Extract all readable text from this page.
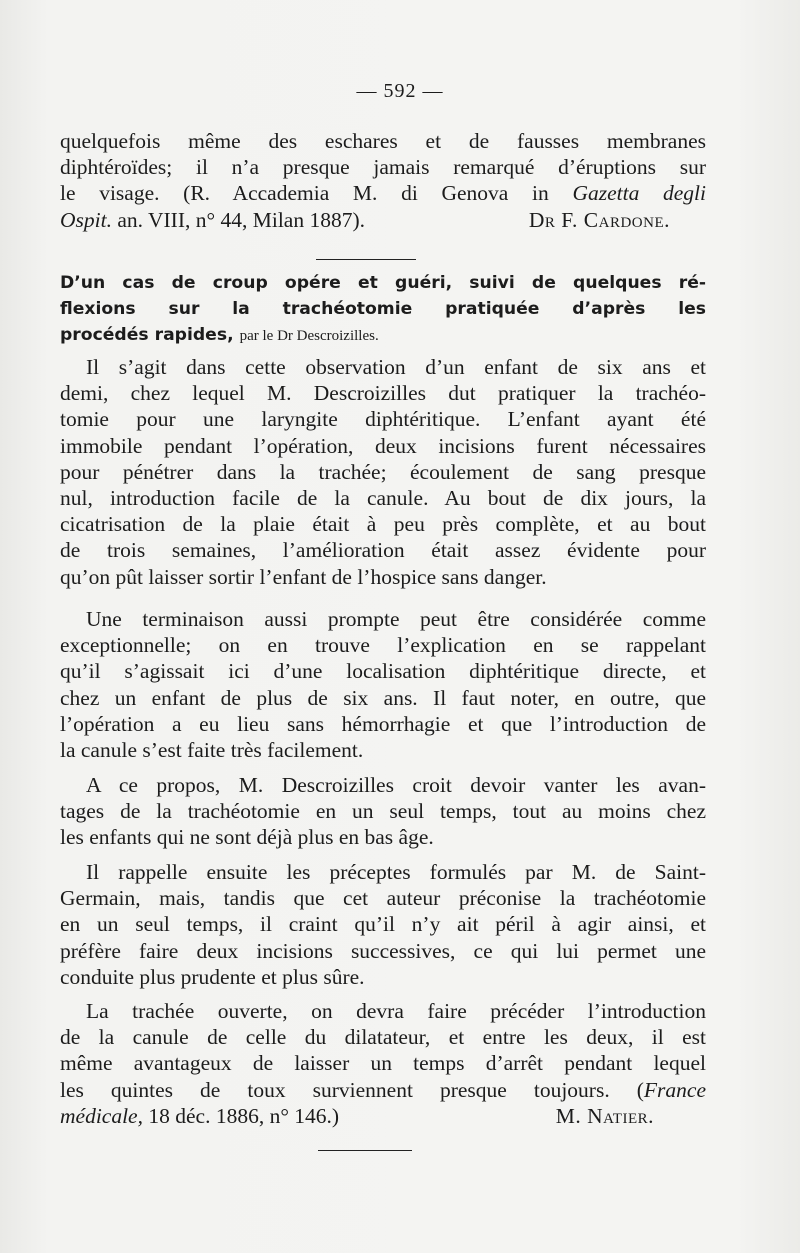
— 592 —
quelquefois même des eschares et de fausses membranes
diphtéroïdes; il n’a presque jamais remarqué d’éruptions sur
le visage. (R. Accademia M. di Genova in Gazetta degli
Ospit. an. VIII, n° 44, Milan 1887).	Dr F. Cardone.
D’un cas de croup opére et guéri, suivi de quelques ré-
flexions sur la trachéotomie pratiquée d’après les
procédés rapides, par le Dr Descroizilles.
Il s’agit dans cette observation d’un enfant de six ans et
demi, chez lequel M. Descroizilles dut pratiquer la trachéo-
tomie pour une laryngite diphtéritique. L’enfant ayant été
immobile pendant l’opération, deux incisions furent nécessaires
pour pénétrer dans la trachée; écoulement de sang presque
nul, introduction facile de la canule. Au bout de dix jours, la
cicatrisation de la plaie était à peu près complète, et au bout
de trois semaines, l’amélioration était assez évidente pour
qu’on pût laisser sortir l’enfant de l’hospice sans danger.
Une terminaison aussi prompte peut être considérée comme
exceptionnelle; on en trouve l’explication en se rappelant
qu’il s’agissait ici d’une localisation diphtéritique directe, et
chez un enfant de plus de six ans. Il faut noter, en outre, que
l’opération a eu lieu sans hémorrhagie et que l’introduction de
la canule s’est faite très facilement.
A ce propos, M. Descroizilles croit devoir vanter les avan-
tages de la trachéotomie en un seul temps, tout au moins chez
les enfants qui ne sont déjà plus en bas âge.
Il rappelle ensuite les préceptes formulés par M. de Saint-
Germain, mais, tandis que cet auteur préconise la trachéotomie
en un seul temps, il craint qu’il n’y ait péril à agir ainsi, et
préfère faire deux incisions successives, ce qui lui permet une
conduite plus prudente et plus sûre.
La trachée ouverte, on devra faire précéder l’introduction
de la canule de celle du dilatateur, et entre les deux, il est
même avantageux de laisser un temps d’arrêt pendant lequel
les quintes de toux surviennent presque toujours. (France
médicale, 18 déc. 1886, n° 146.)	M. Natier.
